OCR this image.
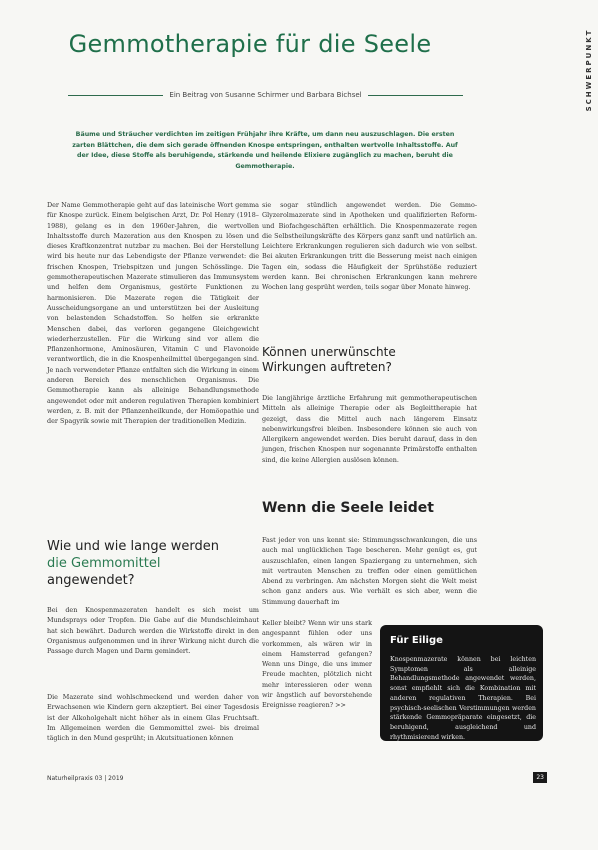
SCHWERPUNKT
Gemmotherapie für die Seele
Ein Beitrag von Susanne Schirmer und Barbara Bichsel
Bäume und Sträucher verdichten im zeitigen Frühjahr ihre Kräfte, um dann neu auszuschlagen. Die ersten zarten Blättchen, die dem sich gerade öffnenden Knospe entspringen, enthalten wertvolle Inhaltsstoffe. Auf der Idee, diese Stoffe als beruhigende, stärkende und heilende Elixiere zugänglich zu machen, beruht die Gemmotherapie.

Der Name Gemmotherapie geht auf das lateinische Wort gemma für Knospe zurück. Einem belgischen Arzt, Dr. Pol Henry (1918–1988), gelang es in den 1960er-Jahren, die wertvollen Inhaltsstoffe durch Mazeration aus den Knospen zu lösen und dieses Kraftkonzentrat nutzbar zu machen. Bei der Herstellung wird bis heute nur das Lebendigste der Pflanze verwendet: die frischen Knospen, Triebspitzen und jungen Schösslinge. Die gemmotherapeutischen Mazerate stimulieren das Immunsystem und helfen dem Organismus, gestörte Funktionen zu harmonisieren. Die Mazerate regen die Tätigkeit der Ausscheidungsorgane an und unterstützen bei der Ausleitung von belastenden Schadstoffen. So helfen sie erkrankte Menschen dabei, das verloren gegangene Gleichgewicht wiederherzustellen. Für die Wirkung sind vor allem die Pflanzenhormone, Aminosäuren, Vitamin C und Flavonoide verantwortlich, die in die Knospenheilmittel übergegangen sind. Je nach verwendeter Pflanze entfalten sich die Wirkung in einem anderen Bereich des menschlichen Organismus. Die Gemmotherapie kann als alleinige Behandlungsmethode angewendet oder mit anderen regulativen Therapien kombiniert werden, z. B. mit der Pflanzenheilkunde, der Homöopathie und der Spagyrik sowie mit Therapien der traditionellen Medizin.

Wie und wie lange werden
die Gemmomittel
angewendet?

Bei den Knospenmazeraten handelt es sich meist um Mundsprays oder Tropfen. Die Gabe auf die Mundschleimhaut hat sich bewährt. Dadurch werden die Wirkstoffe direkt in den Organismus aufgenommen und in ihrer Wirkung nicht durch die Passage durch Magen und Darm gemindert.

Die Mazerate sind wohlschmeckend und werden daher von Erwachsenen wie Kindern gern akzeptiert. Bei einer Tagesdosis ist der Alkoholgehalt nicht höher als in einem Glas Fruchtsaft. Im Allgemeinen werden die Gemmomittel zwei- bis dreimal täglich in den Mund gesprüht; in Akutsituationen können

sie sogar stündlich angewendet werden. Die Gemmo-Glyzerolmazerate sind in Apotheken und qualifizierten Reform- und Biofachgeschäften erhältlich. Die Knospenmazerate regen die Selbstheilungskräfte des Körpers ganz sanft und natürlich an. Leichtere Erkrankungen regulieren sich dadurch wie von selbst. Bei akuten Erkrankungen tritt die Besserung meist nach einigen Tagen ein, sodass die Häufigkeit der Sprühstöße reduziert werden kann. Bei chronischen Erkrankungen kann mehrere Wochen lang gesprüht werden, teils sogar über Monate hinweg.

Können unerwünschte
Wirkungen auftreten?

Die langjährige ärztliche Erfahrung mit gemmotherapeutischen Mitteln als alleinige Therapie oder als Begleittherapie hat gezeigt, dass die Mittel auch nach längerem Einsatz nebenwirkungsfrei bleiben. Insbesondere können sie auch von Allergikern angewendet werden. Dies beruht darauf, dass in den jungen, frischen Knospen nur sogenannte Primärstoffe enthalten sind, die keine Allergien auslösen können.

Wenn die Seele leidet

Fast jeder von uns kennt sie: Stimmungsschwankungen, die uns auch mal unglücklichen Tage bescheren. Mehr genügt es, gut auszuschlafen, einen langen Spaziergang zu unternehmen, sich mit vertrauten Menschen zu treffen oder einen gemütlichen Abend zu verbringen. Am nächsten Morgen sieht die Welt meist schon ganz anders aus. Wie verhält es sich aber, wenn die Stimmung dauerhaft im

Keller bleibt? Wenn wir uns stark angespannt fühlen oder uns vorkommen, als wären wir in einem Hamsterrad gefangen? Wenn uns Dinge, die uns immer Freude machten, plötzlich nicht mehr interessieren oder wenn wir ängstlich auf bevorstehende Ereignisse reagieren? >>

Für Eilige
Knospenmazerate können bei leichten Symptomen als alleinige Behandlungsmethode angewendet werden, sonst empfiehlt sich die Kombination mit anderen regulativen Therapien. Bei psychisch-seelischen Verstimmungen werden stärkende Gemmopräparate eingesetzt, die beruhigend, ausgleichend und rhythmisierend wirken.
Naturheilpraxis 03 | 2019	23
